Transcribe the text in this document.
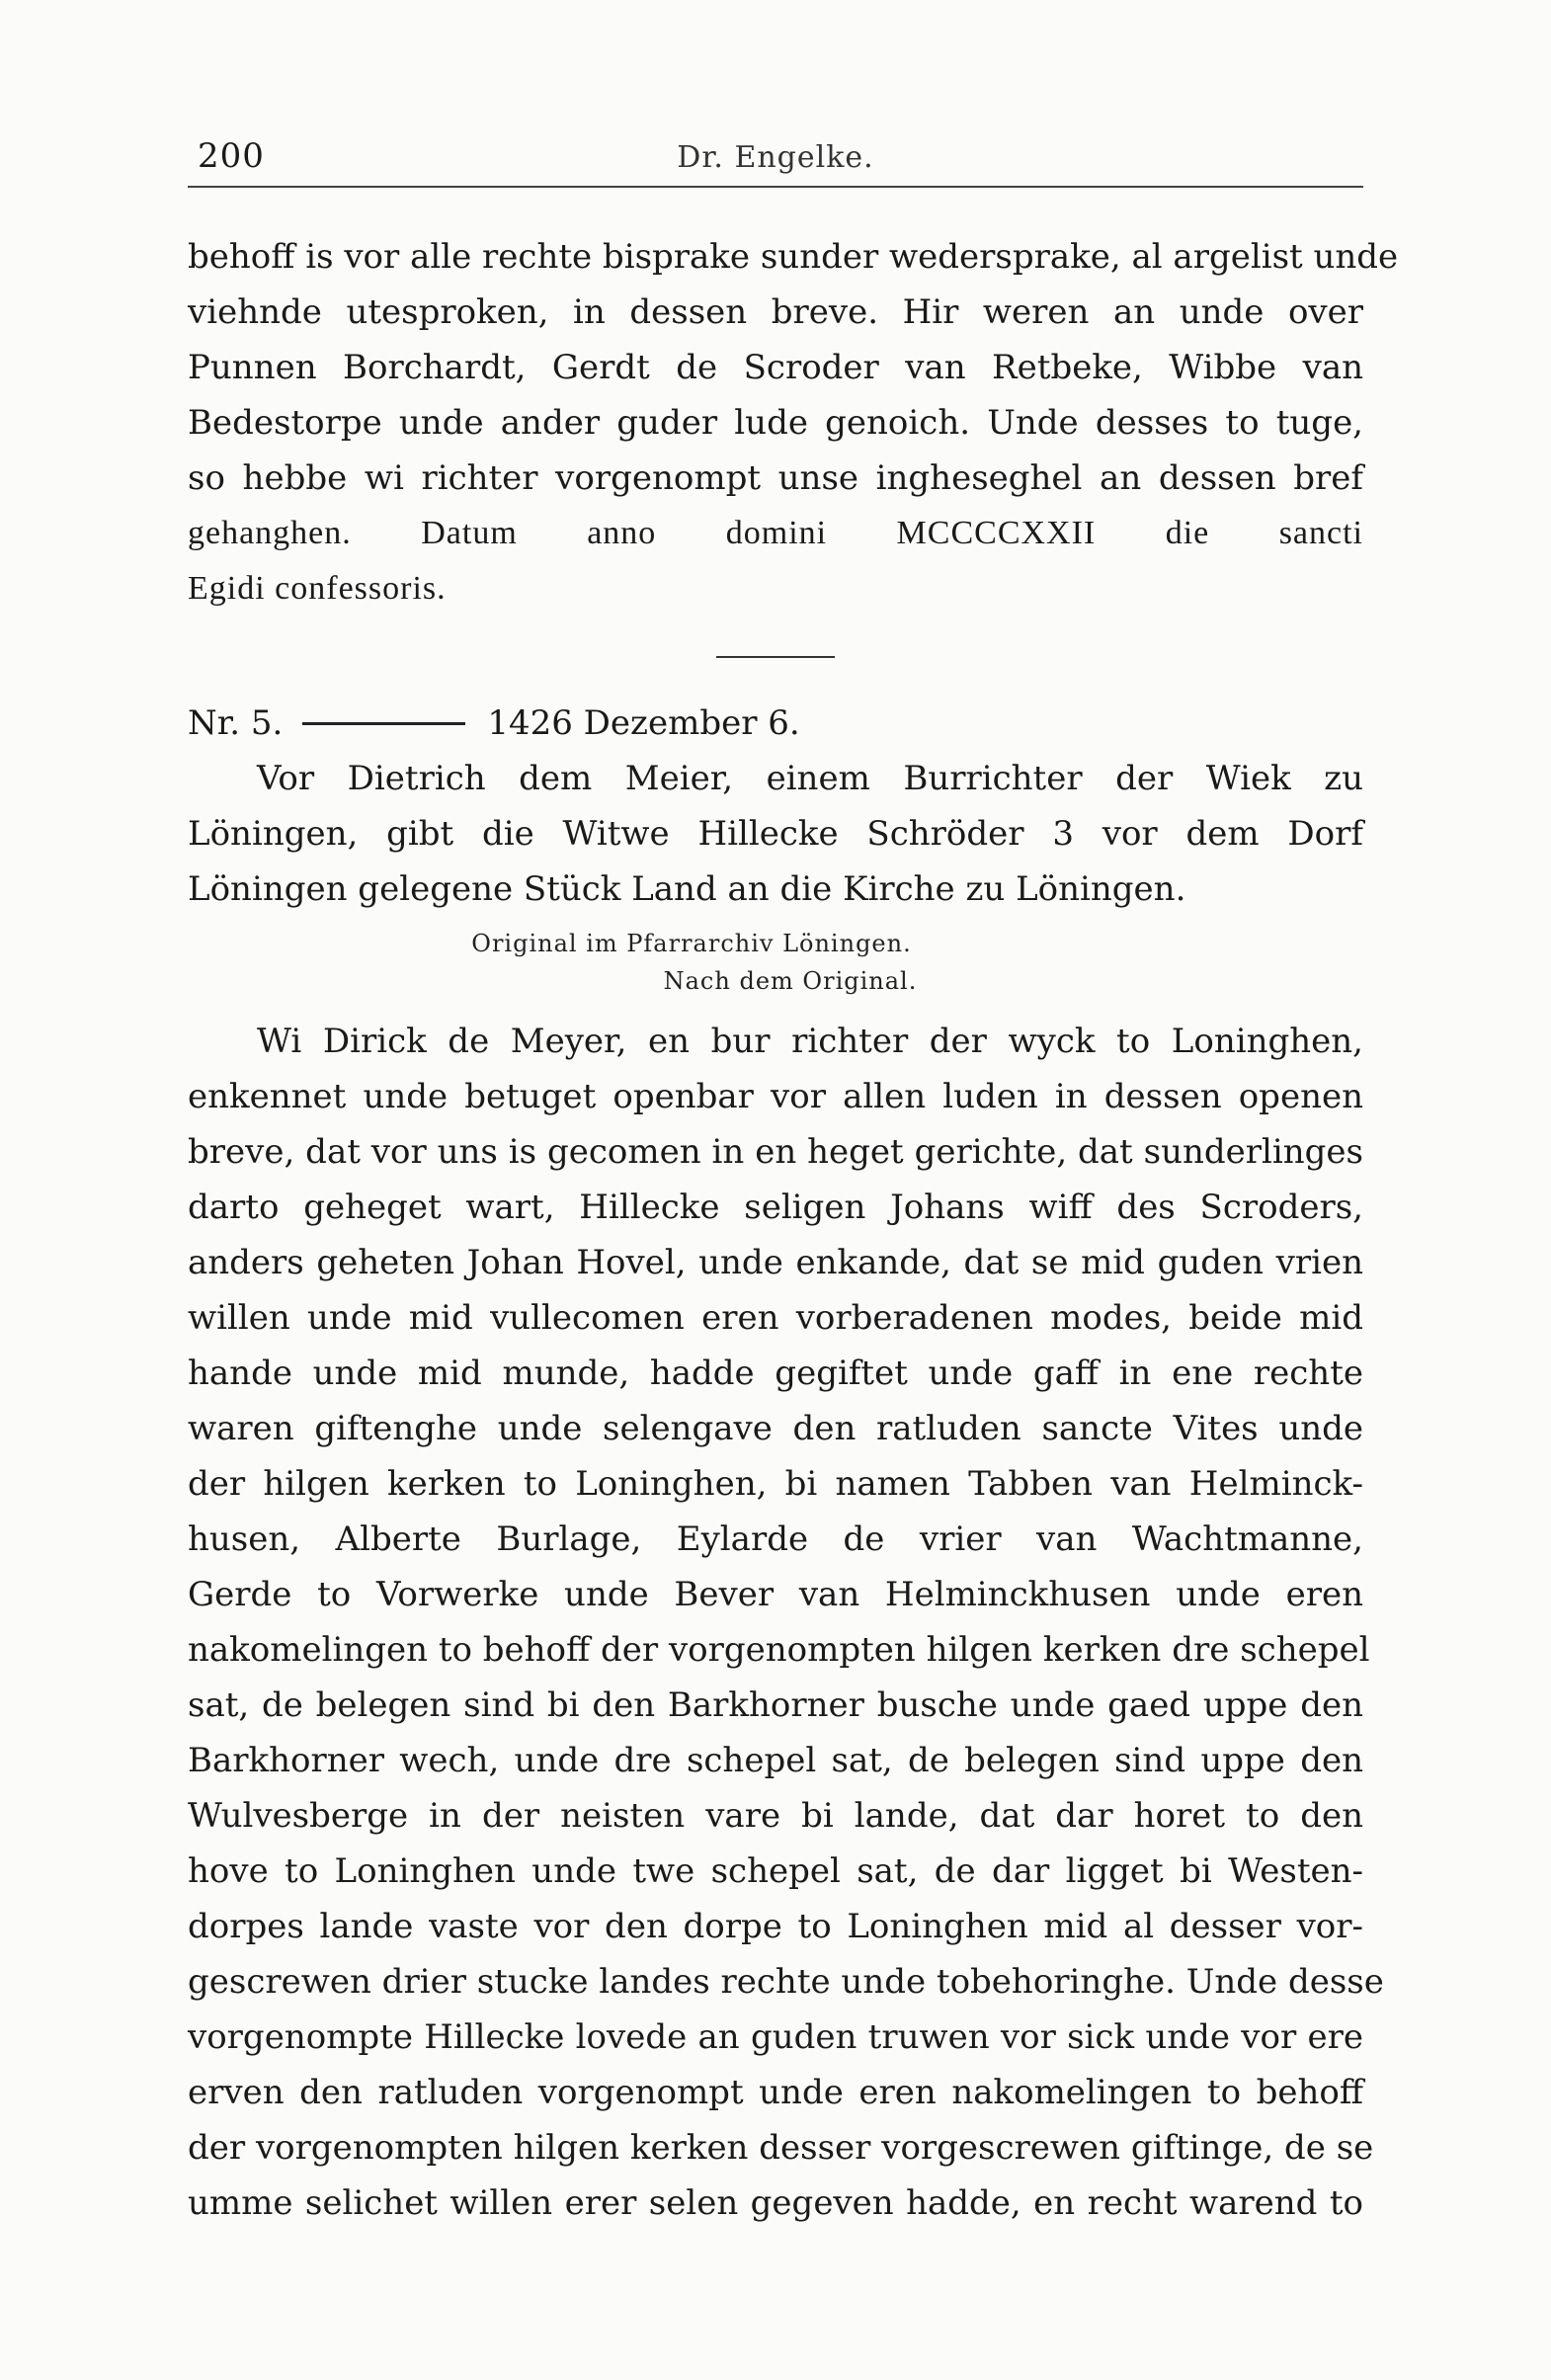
200	Dr. Engelke.
behoff is vor alle rechte bisprake sunder wedersprake, al argelist unde
viehnde utesproken, in dessen breve. Hir weren an unde over
Punnen Borchardt, Gerdt de Scroder van Retbeke, Wibbe van
Bedestorpe unde ander guder lude genoich. Unde desses to tuge,
so hebbe wi richter vorgenompt unse ingheseghel an dessen bref
gehanghen. Datum anno domini MCCCCXXII die sancti
Egidi confessoris.
Nr. 5.	1426 Dezember 6.
Vor Dietrich dem Meier, einem Burrichter der Wiek zu
Löningen, gibt die Witwe Hillecke Schröder 3 vor dem Dorf
Löningen gelegene Stück Land an die Kirche zu Löningen.
Original im Pfarrarchiv Löningen.
Nach dem Original.
Wi Dirick de Meyer, en bur richter der wyck to Loninghen,
enkennet unde betuget openbar vor allen luden in dessen openen
breve, dat vor uns is gecomen in en heget gerichte, dat sunderlinges
darto geheget wart, Hillecke seligen Johans wiff des Scroders,
anders geheten Johan Hovel, unde enkande, dat se mid guden vrien
willen unde mid vullecomen eren vorberadenen modes, beide mid
hande unde mid munde, hadde gegiftet unde gaff in ene rechte
waren giftenghe unde selengave den ratluden sancte Vites unde
der hilgen kerken to Loninghen, bi namen Tabben van Helminck-
husen, Alberte Burlage, Eylarde de vrier van Wachtmanne,
Gerde to Vorwerke unde Bever van Helminckhusen unde eren
nakomelingen to behoff der vorgenompten hilgen kerken dre schepel
sat, de belegen sind bi den Barkhorner busche unde gaed uppe den
Barkhorner wech, unde dre schepel sat, de belegen sind uppe den
Wulvesberge in der neisten vare bi lande, dat dar horet to den
hove to Loninghen unde twe schepel sat, de dar ligget bi Westen-
dorpes lande vaste vor den dorpe to Loninghen mid al desser vor-
gescrewen drier stucke landes rechte unde tobehoringhe. Unde desse
vorgenompte Hillecke lovede an guden truwen vor sick unde vor ere
erven den ratluden vorgenompt unde eren nakomelingen to behoff
der vorgenompten hilgen kerken desser vorgescrewen giftinge, de se
umme selichet willen erer selen gegeven hadde, en recht warend to
